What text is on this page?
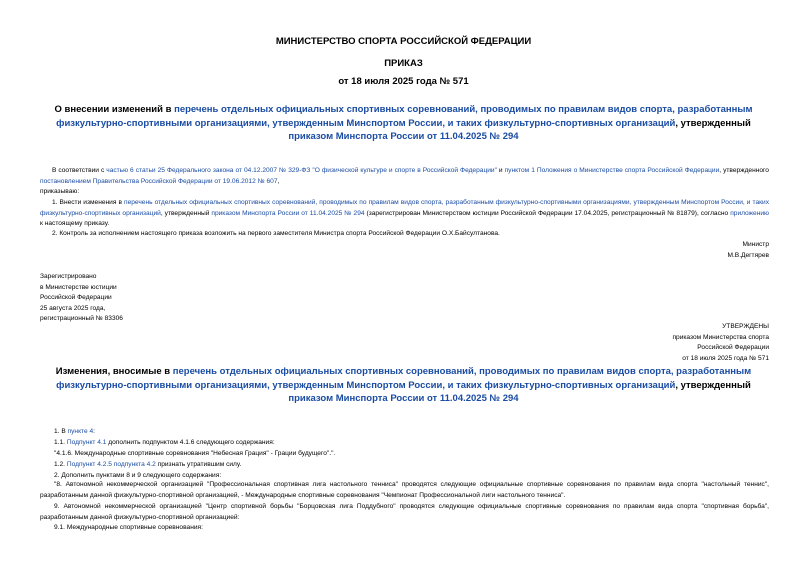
МИНИСТЕРСТВО СПОРТА РОССИЙСКОЙ ФЕДЕРАЦИИ
ПРИКАЗ
от 18 июля 2025 года № 571
О внесении изменений в перечень отдельных официальных спортивных соревнований, проводимых по правилам видов спорта, разработанным физкультурно-спортивными организациями, утвержденным Минспортом России, и таких физкультурно-спортивных организаций, утвержденный приказом Минспорта России от 11.04.2025 № 294
В соответствии с частью 6 статьи 25 Федерального закона от 04.12.2007 № 329-ФЗ "О физической культуре и спорте в Российской Федерации" и пунктом 1 Положения о Министерстве спорта Российской Федерации, утвержденного постановлением Правительства Российской Федерации от 19.06.2012 № 607,
приказываю:
1. Внести изменения в перечень отдельных официальных спортивных соревнований, проводимых по правилам видов спорта, разработанным физкультурно-спортивными организациями, утвержденным Минспортом России, и таких физкультурно-спортивных организаций, утвержденный приказом Минспорта России от 11.04.2025 № 294 (зарегистрирован Министерством юстиции Российской Федерации 17.04.2025, регистрационный № 81879), согласно приложению к настоящему приказу.
2. Контроль за исполнением настоящего приказа возложить на первого заместителя Министра спорта Российской Федерации О.Х.Байсултанова.
Министр
М.В.Дегтярев
Зарегистрировано
в Министерстве юстиции
Российской Федерации
25 августа 2025 года,
регистрационный № 83306
УТВЕРЖДЕНЫ
приказом Министерства спорта
Российской Федерации
от 18 июля 2025 года № 571
Изменения, вносимые в перечень отдельных официальных спортивных соревнований, проводимых по правилам видов спорта, разработанным физкультурно-спортивными организациями, утвержденным Минспортом России, и таких физкультурно-спортивных организаций, утвержденный приказом Минспорта России от 11.04.2025 № 294
1. В пункте 4:
1.1. Подпункт 4.1 дополнить подпунктом 4.1.6 следующего содержания:
"4.1.6. Международные спортивные соревнования "Небесная Грация" - Грации будущего".".
1.2. Подпункт 4.2.5 подпункта 4.2 признать утратившим силу.
2. Дополнить пунктами 8 и 9 следующего содержания:
"8. Автономной некоммерческой организацией "Профессиональная спортивная лига настольного тенниса" проводятся следующие официальные спортивные соревнования по правилам вида спорта "настольный теннис", разработанным данной физкультурно-спортивной организацией, - Международные спортивные соревнования "Чемпионат Профессиональной лиги настольного тенниса".
9. Автономной некоммерческой организацией "Центр спортивной борьбы "Борцовская лига Поддубного" проводятся следующие официальные спортивные соревнования по правилам вида спорта "спортивная борьба", разработанным данной физкультурно-спортивной организацией:
9.1. Международные спортивные соревнования:
